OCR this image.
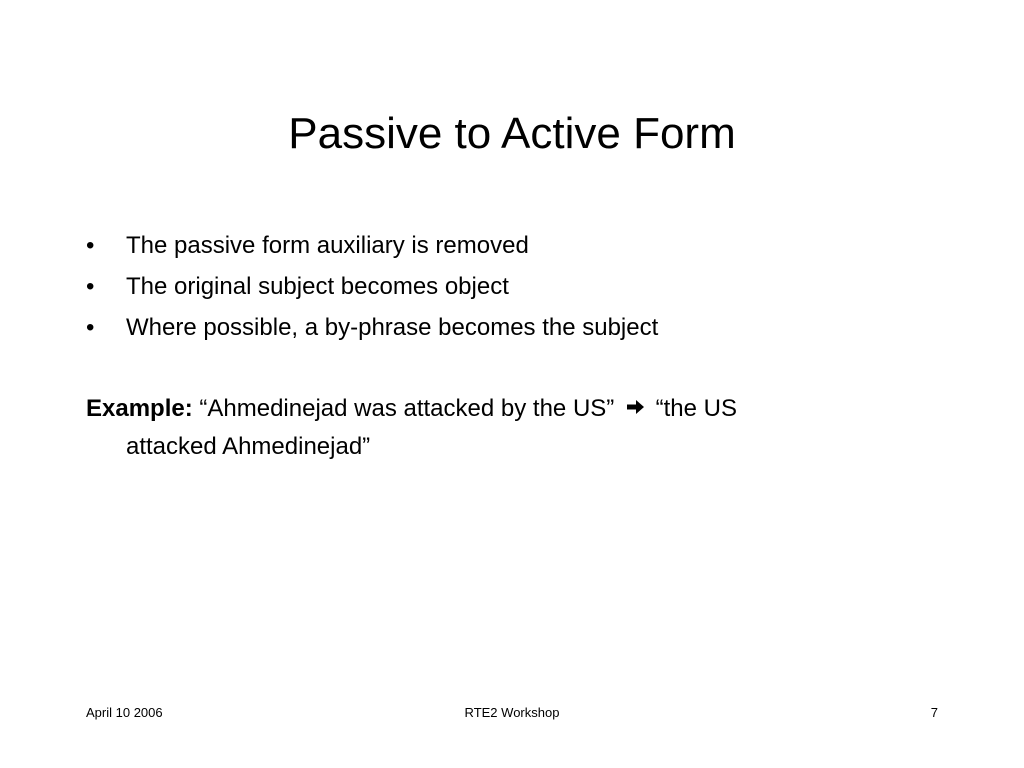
Passive to Active Form
•	The passive form auxiliary is removed
•	The original subject becomes object
•	Where possible, a by-phrase becomes the subject
Example: “Ahmedinejad was attacked by the US” “the US
attacked Ahmedinejad”
April 10 2006	RTE2 Workshop	7
